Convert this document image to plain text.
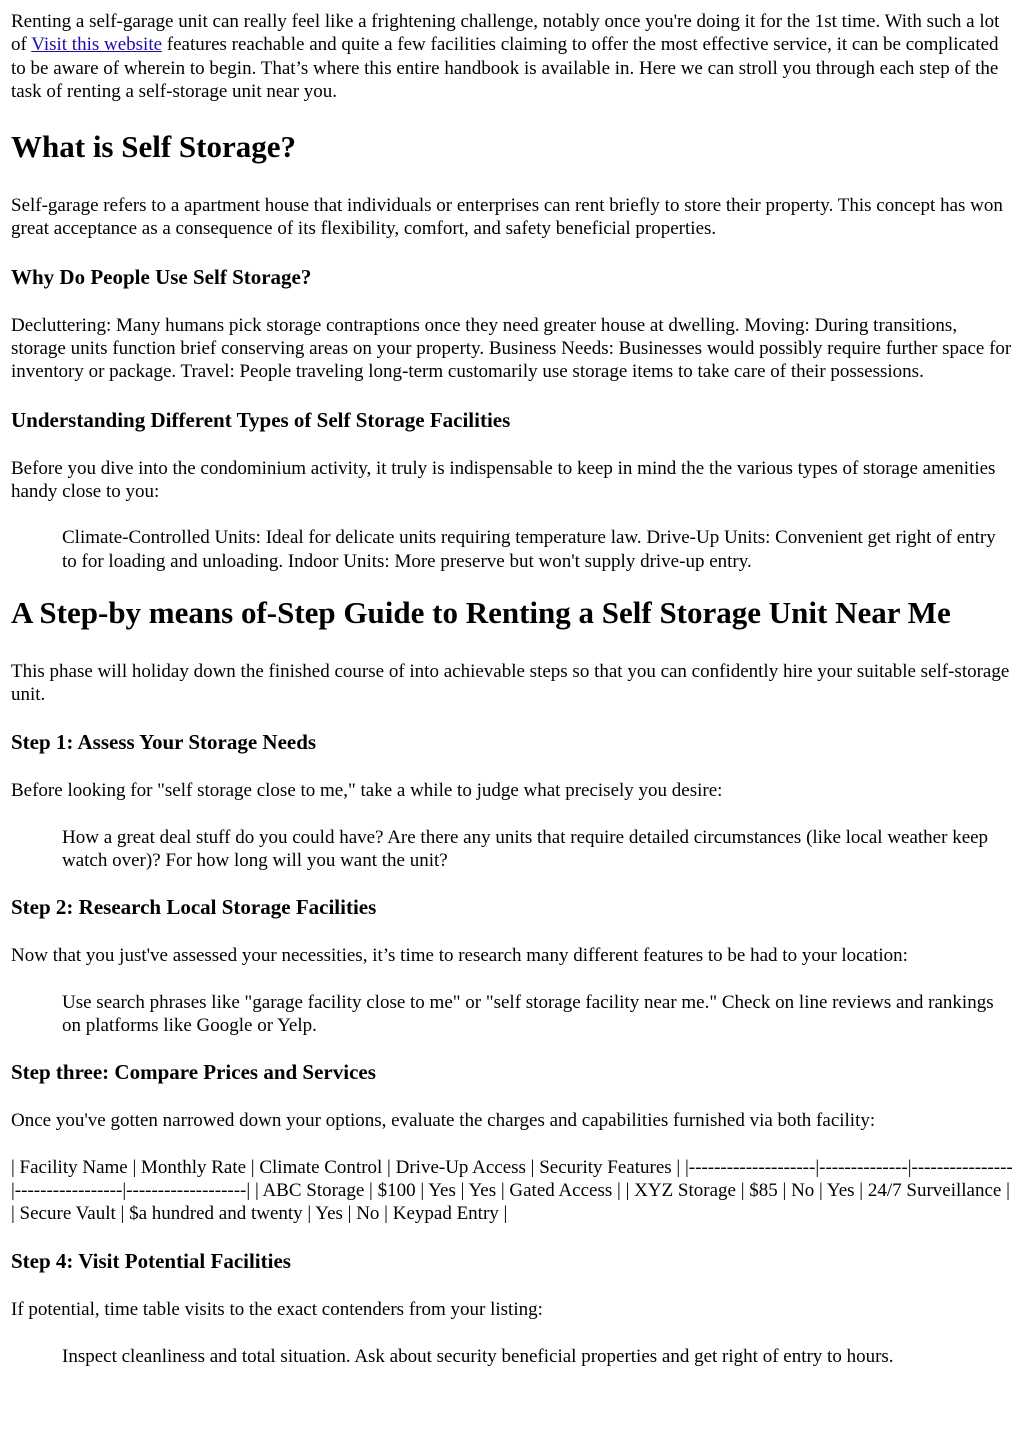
Renting a self-garage unit can really feel like a frightening challenge, notably once you're doing it for the 1st time. With such a lot of Visit this website features reachable and quite a few facilities claiming to offer the most effective service, it can be complicated to be aware of wherein to begin. That’s where this entire handbook is available in. Here we can stroll you through each step of the task of renting a self-storage unit near you.

What is Self Storage?

Self-garage refers to a apartment house that individuals or enterprises can rent briefly to store their property. This concept has won great acceptance as a consequence of its flexibility, comfort, and safety beneficial properties.

Why Do People Use Self Storage?

Decluttering: Many humans pick storage contraptions once they need greater house at dwelling. Moving: During transitions, storage units function brief conserving areas on your property. Business Needs: Businesses would possibly require further space for inventory or package. Travel: People traveling long-term customarily use storage items to take care of their possessions.

Understanding Different Types of Self Storage Facilities

Before you dive into the condominium activity, it truly is indispensable to keep in mind the the various types of storage amenities handy close to you:

Climate-Controlled Units: Ideal for delicate units requiring temperature law. Drive-Up Units: Convenient get right of entry to for loading and unloading. Indoor Units: More preserve but won't supply drive-up entry.
A Step-by means of-Step Guide to Renting a Self Storage Unit Near Me

This phase will holiday down the finished course of into achievable steps so that you can confidently hire your suitable self-storage unit.

Step 1: Assess Your Storage Needs

Before looking for "self storage close to me," take a while to judge what precisely you desire:

How a great deal stuff do you could have? Are there any units that require detailed circumstances (like local weather keep watch over)? For how long will you want the unit?
Step 2: Research Local Storage Facilities

Now that you just've assessed your necessities, it’s time to research many different features to be had to your location:

Use search phrases like "garage facility close to me" or "self storage facility near me." Check on line reviews and rankings on platforms like Google or Yelp.
Step three: Compare Prices and Services

Once you've gotten narrowed down your options, evaluate the charges and capabilities furnished via both facility:

| Facility Name | Monthly Rate | Climate Control | Drive-Up Access | Security Features | |--------------------|--------------|----------------|-----------------|-------------------| | ABC Storage | $100 | Yes | Yes | Gated Access | | XYZ Storage | $85 | No | Yes | 24/7 Surveillance | | Secure Vault | $a hundred and twenty | Yes | No | Keypad Entry |

Step 4: Visit Potential Facilities

If potential, time table visits to the exact contenders from your listing:

Inspect cleanliness and total situation. Ask about security beneficial properties and get right of entry to hours.
